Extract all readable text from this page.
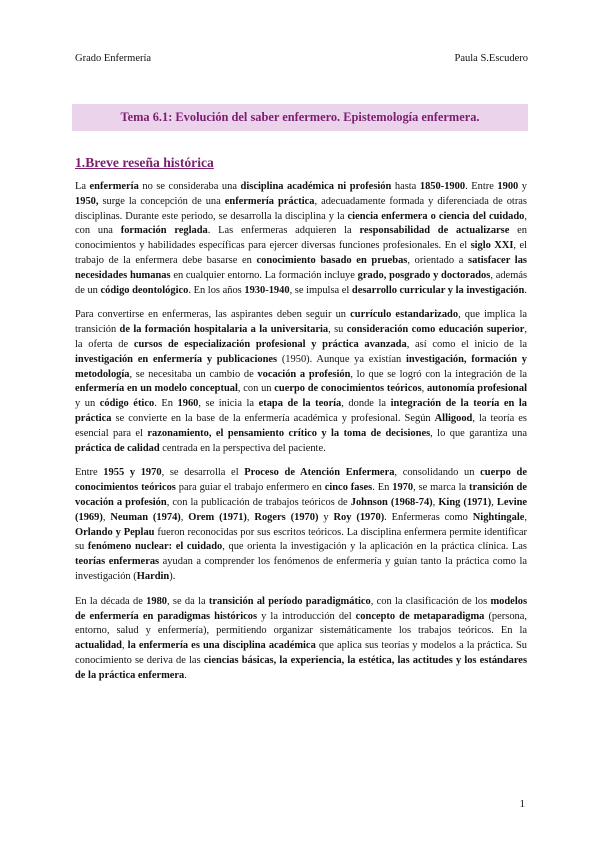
Grado Enfermería	Paula S.Escudero
Tema 6.1: Evolución del saber enfermero. Epistemología enfermera.
1.Breve reseña histórica

La enfermería no se consideraba una disciplina académica ni profesión hasta 1850-1900. Entre 1900 y 1950, surge la concepción de una enfermería práctica, adecuadamente formada y diferenciada de otras disciplinas. Durante este periodo, se desarrolla la disciplina y la ciencia enfermera o ciencia del cuidado, con una formación reglada. Las enfermeras adquieren la responsabilidad de actualizarse en conocimientos y habilidades específicas para ejercer diversas funciones profesionales. En el siglo XXI, el trabajo de la enfermera debe basarse en conocimiento basado en pruebas, orientado a satisfacer las necesidades humanas en cualquier entorno. La formación incluye grado, posgrado y doctorados, además de un código deontológico. En los años 1930-1940, se impulsa el desarrollo curricular y la investigación.

Para convertirse en enfermeras, las aspirantes deben seguir un currículo estandarizado, que implica la transición de la formación hospitalaria a la universitaria, su consideración como educación superior, la oferta de cursos de especialización profesional y práctica avanzada, así como el inicio de la investigación en enfermería y publicaciones (1950). Aunque ya existían investigación, formación y metodología, se necesitaba un cambio de vocación a profesión, lo que se logró con la integración de la enfermería en un modelo conceptual, con un cuerpo de conocimientos teóricos, autonomía profesional y un código ético. En 1960, se inicia la etapa de la teoría, donde la integración de la teoría en la práctica se convierte en la base de la enfermería académica y profesional. Según Alligood, la teoría es esencial para el razonamiento, el pensamiento crítico y la toma de decisiones, lo que garantiza una práctica de calidad centrada en la perspectiva del paciente.

Entre 1955 y 1970, se desarrolla el Proceso de Atención Enfermera, consolidando un cuerpo de conocimientos teóricos para guiar el trabajo enfermero en cinco fases. En 1970, se marca la transición de vocación a profesión, con la publicación de trabajos teóricos de Johnson (1968-74), King (1971), Levine (1969), Neuman (1974), Orem (1971), Rogers (1970) y Roy (1970). Enfermeras como Nightingale, Orlando y Peplau fueron reconocidas por sus escritos teóricos. La disciplina enfermera permite identificar su fenómeno nuclear: el cuidado, que orienta la investigación y la aplicación en la práctica clínica. Las teorías enfermeras ayudan a comprender los fenómenos de enfermería y guían tanto la práctica como la investigación (Hardin).

En la década de 1980, se da la transición al período paradigmático, con la clasificación de los modelos de enfermería en paradigmas históricos y la introducción del concepto de metaparadigma (persona, entorno, salud y enfermería), permitiendo organizar sistemáticamente los trabajos teóricos. En la actualidad, la enfermería es una disciplina académica que aplica sus teorías y modelos a la práctica. Su conocimiento se deriva de las ciencias básicas, la experiencia, la estética, las actitudes y los estándares de la práctica enfermera.

1
